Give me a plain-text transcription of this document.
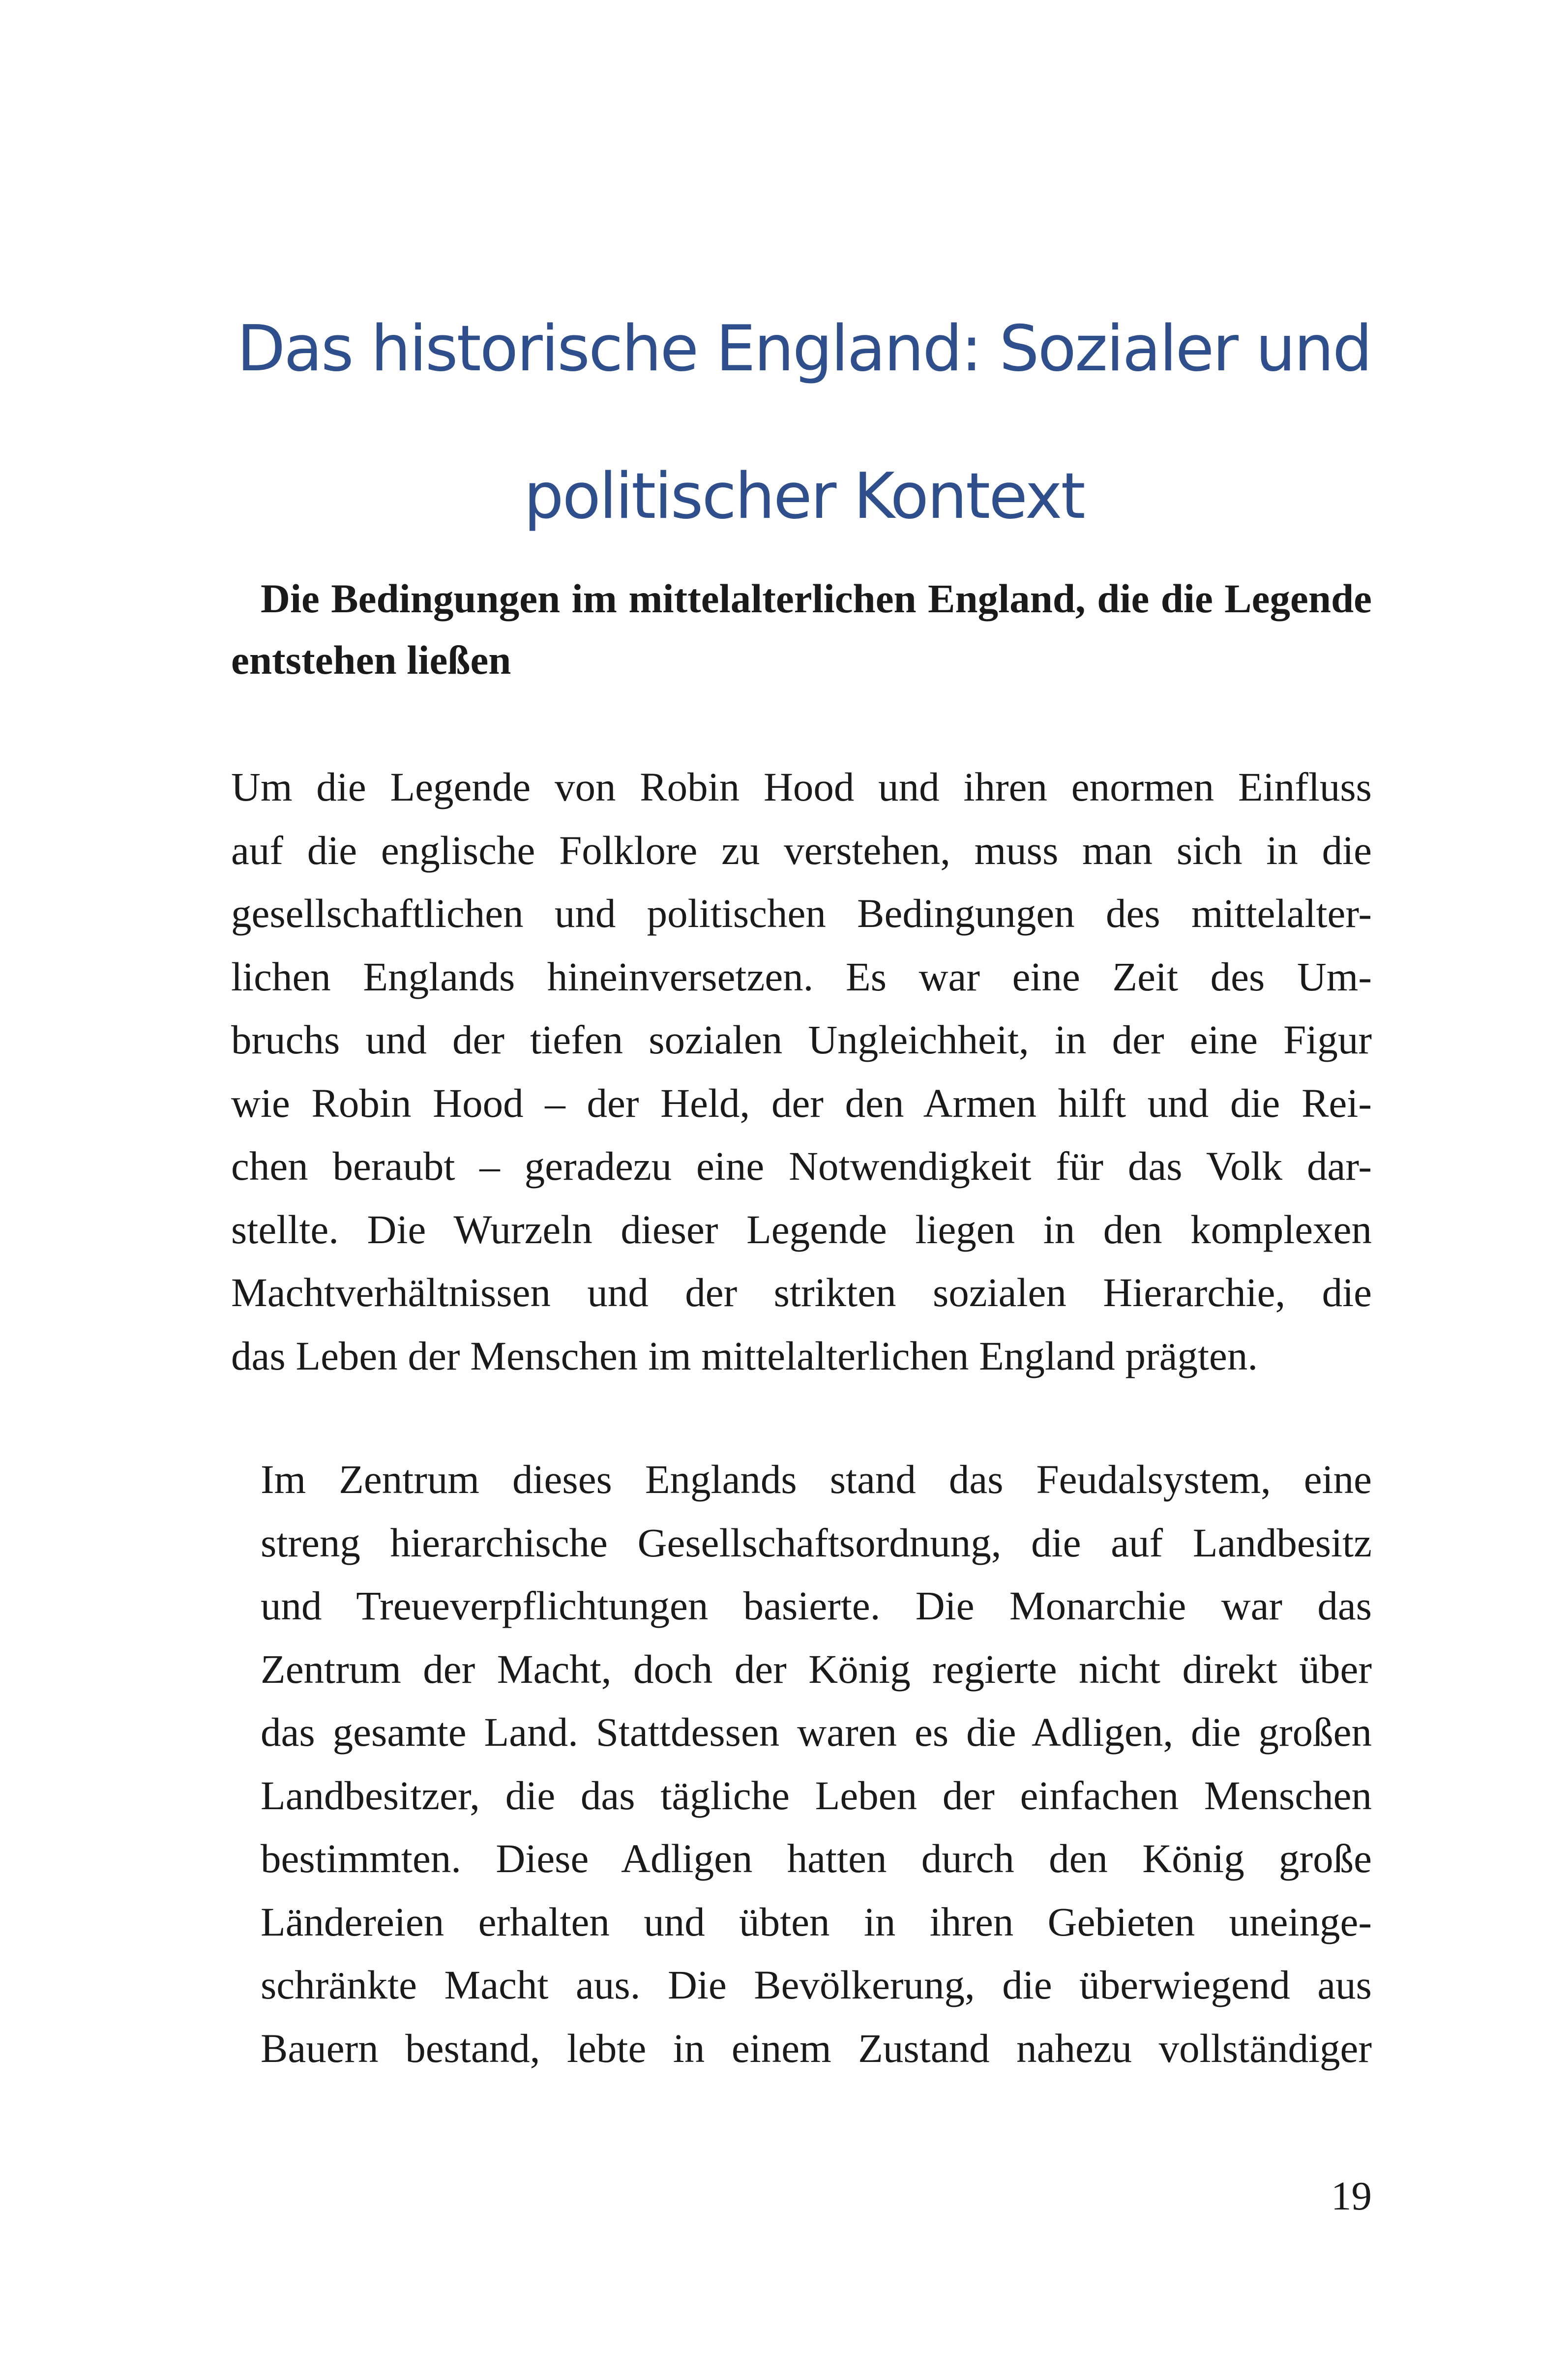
Das historische England: Sozialer und politischer Kontext
Die Bedingungen im mittelalterlichen England, die die Legende entstehen ließen

Um die Legende von Robin Hood und ihren enormen Einfluss
auf die englische Folklore zu verstehen, muss man sich in die
gesellschaftlichen und politischen Bedingungen des mittelalter-
lichen Englands hineinversetzen. Es war eine Zeit des Um-
bruchs und der tiefen sozialen Ungleichheit, in der eine Figur
wie Robin Hood – der Held, der den Armen hilft und die Rei-
chen beraubt – geradezu eine Notwendigkeit für das Volk dar-
stellte. Die Wurzeln dieser Legende liegen in den komplexen
Machtverhältnissen und der strikten sozialen Hierarchie, die
das Leben der Menschen im mittelalterlichen England prägten.

Im Zentrum dieses Englands stand das Feudalsystem, eine
streng hierarchische Gesellschaftsordnung, die auf Landbesitz
und Treueverpflichtungen basierte. Die Monarchie war das
Zentrum der Macht, doch der König regierte nicht direkt über
das gesamte Land. Stattdessen waren es die Adligen, die großen
Landbesitzer, die das tägliche Leben der einfachen Menschen
bestimmten. Diese Adligen hatten durch den König große
Ländereien erhalten und übten in ihren Gebieten uneinge-
schränkte Macht aus. Die Bevölkerung, die überwiegend aus
Bauern bestand, lebte in einem Zustand nahezu vollständiger

19
